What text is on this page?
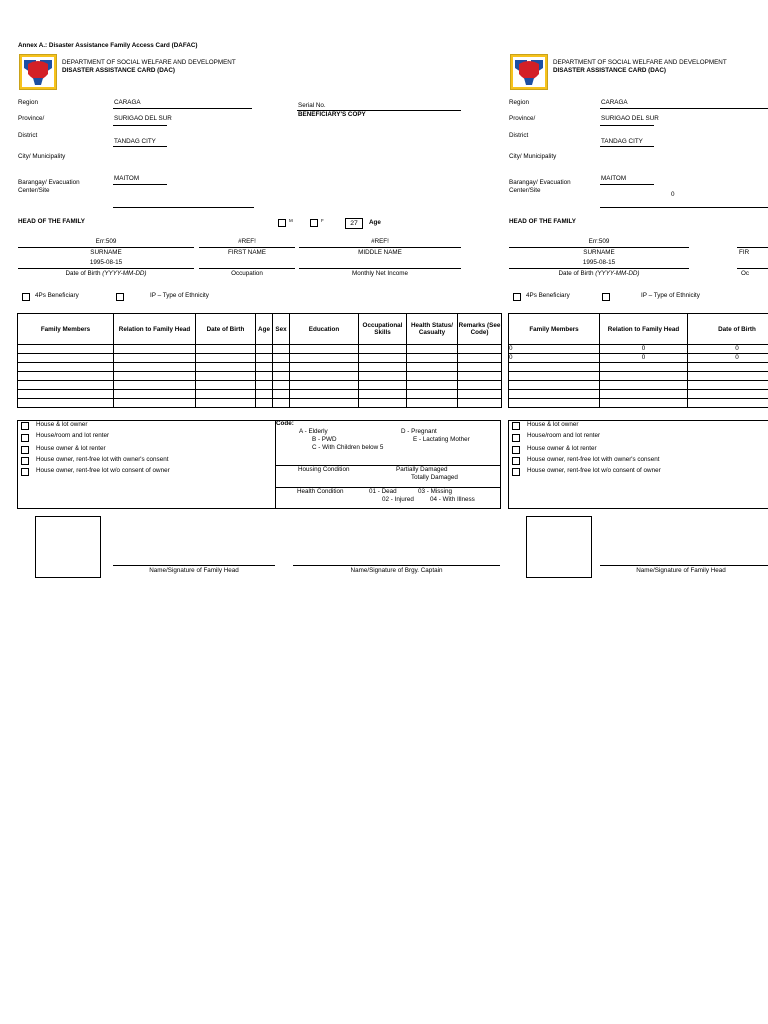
Annex A.: Disaster Assistance Family Access Card (DAFAC)
DEPARTMENT OF SOCIAL WELFARE AND DEVELOPMENT
DISASTER ASSISTANCE CARD (DAC)
Region	CARAGA
Province/	SURIGAO DEL SUR
District
TANDAG CITY
City/ Municipality
MAITOM
Barangay/ Evacuation
Center/Site
Serial No.
BENEFICIARY'S COPY
HEAD OF THE FAMILY	M	F	27	Age
Err:509	#REF!	#REF!
SURNAME	FIRST NAME	MIDDLE NAME
1995-08-15
Date of Birth (YYYY-MM-DD)	Occupation	Monthly Net Income
4Ps Beneficiary	IP – Type of Ethnicity
Family Members	Relation to Family Head	Date of Birth	Age	Sex	Education	Occupational Skills	Health Status/ Casualty	Remarks (See Code)

House & lot owner
House/room and lot renter
House owner & lot renter
House owner, rent-free lot with owner's consent
House owner, rent-free lot w/o consent of owner
Code:
A - Elderly
B - PWD
C - With Children below 5
D - Pregnant
E - Lactating Mother
Housing Condition	Partially Damaged
Totally Damaged
Health Condition	01 - Dead	03 - Missing
02 - Injured	04 - With Illness
Name/Signature of Family Head	Name/Signature of Brgy. Captain
DEPARTMENT OF SOCIAL WELFARE AND DEVELOPMENT
DISASTER ASSISTANCE CARD (DAC)
Region	CARAGA
Province/	SURIGAO DEL SUR
District
TANDAG CITY
City/ Municipality
MAITOM
Barangay/ Evacuation
Center/Site
0
HEAD OF THE FAMILY
Err:509
SURNAME	FIR
1995-08-15
Date of Birth (YYYY-MM-DD)	Oc
4Ps Beneficiary	IP – Type of Ethnicity
Family Members	Relation to Family Head	Date of Birth
0	0	0
0	0	0

House & lot owner
House/room and lot renter
House owner & lot renter
House owner, rent-free lot with owner's consent
House owner, rent-free lot w/o consent of owner
Name/Signature of Family Head
